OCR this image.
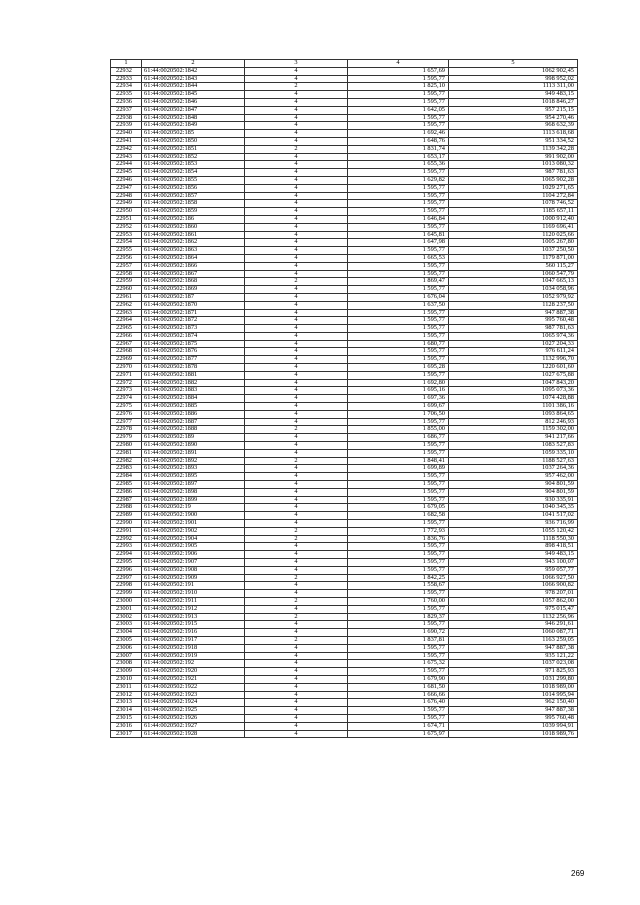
1	2	3	4	5
22932	61:44:0020502:1842	4	1 657,69	1062 902,45
22933	61:44:0020502:1843	4	1 595,77	998 952,02
22934	61:44:0020502:1844	2	1 825,10	1113 311,00
22935	61:44:0020502:1845	4	1 595,77	949 483,15
22936	61:44:0020502:1846	4	1 595,77	1018 846,27
22937	61:44:0020502:1847	4	1 642,05	957 215,15
22938	61:44:0020502:1848	4	1 595,77	954 270,46
22939	61:44:0020502:1849	4	1 595,77	968 632,39
22940	61:44:0020502:185	4	1 692,46	1113 618,68
22941	61:44:0020502:1850	4	1 648,76	951 334,52
22942	61:44:0020502:1851	2	1 831,74	1139 342,28
22943	61:44:0020502:1852	4	1 653,17	991 902,00
22944	61:44:0020502:1853	4	1 655,36	1013 080,32
22945	61:44:0020502:1854	4	1 595,77	987 781,63
22946	61:44:0020502:1855	4	1 629,82	1065 902,28
22947	61:44:0020502:1856	4	1 595,77	1029 271,65
22948	61:44:0020502:1857	4	1 595,77	1104 272,84
22949	61:44:0020502:1858	4	1 595,77	1078 746,52
22950	61:44:0020502:1859	4	1 595,77	1185 657,11
22951	61:44:0020502:186	4	1 646,84	1000 912,40
22952	61:44:0020502:1860	4	1 595,77	1169 696,41
22953	61:44:0020502:1861	4	1 645,81	1120 025,66
22954	61:44:0020502:1862	4	1 647,98	1005 267,80
22955	61:44:0020502:1863	4	1 595,77	1037 250,50
22956	61:44:0020502:1864	4	1 665,53	1179 871,00
22957	61:44:0020502:1866	4	1 595,77	560 115,27
22958	61:44:0020502:1867	4	1 595,77	1060 547,79
22959	61:44:0020502:1868	2	1 869,47	1047 665,13
22960	61:44:0020502:1869	4	1 595,77	1034 058,96
22961	61:44:0020502:187	4	1 676,04	1052 979,92
22962	61:44:0020502:1870	4	1 637,50	1128 237,50
22963	61:44:0020502:1871	4	1 595,77	947 887,38
22964	61:44:0020502:1872	4	1 595,77	995 760,48
22965	61:44:0020502:1873	4	1 595,77	987 781,63
22966	61:44:0020502:1874	4	1 595,77	1065 974,36
22967	61:44:0020502:1875	4	1 680,77	1027 204,33
22968	61:44:0020502:1876	4	1 595,77	976 611,24
22969	61:44:0020502:1877	4	1 595,77	1132 996,70
22970	61:44:0020502:1878	4	1 695,28	1220 601,60
22971	61:44:0020502:1881	4	1 595,77	1027 675,88
22972	61:44:0020502:1882	4	1 692,80	1047 843,20
22973	61:44:0020502:1883	4	1 695,16	1095 073,36
22974	61:44:0020502:1884	4	1 697,36	1074 428,88
22975	61:44:0020502:1885	4	1 699,67	1101 386,16
22976	61:44:0020502:1886	4	1 706,50	1093 864,65
22977	61:44:0020502:1887	4	1 595,77	812 246,93
22978	61:44:0020502:1888	2	1 855,00	1159 302,00
22979	61:44:0020502:189	4	1 686,77	941 217,66
22980	61:44:0020502:1890	4	1 595,77	1083 527,83
22981	61:44:0020502:1891	4	1 595,77	1059 335,10
22982	61:44:0020502:1892	2	1 848,41	1188 527,63
22983	61:44:0020502:1893	4	1 699,89	1037 264,36
22984	61:44:0020502:1895	4	1 595,77	957 462,00
22985	61:44:0020502:1897	4	1 595,77	904 801,59
22986	61:44:0020502:1898	4	1 595,77	904 801,59
22987	61:44:0020502:1899	4	1 595,77	930 335,91
22988	61:44:0020502:19	4	1 679,05	1040 345,35
22989	61:44:0020502:1900	4	1 682,58	1041 517,02
22990	61:44:0020502:1901	4	1 595,77	936 716,99
22991	61:44:0020502:1902	2	1 772,93	1055 120,42
22992	61:44:0020502:1904	2	1 836,76	1118 550,30
22993	61:44:0020502:1905	4	1 595,77	898 418,51
22994	61:44:0020502:1906	4	1 595,77	949 483,15
22995	61:44:0020502:1907	4	1 595,77	943 100,07
22996	61:44:0020502:1908	4	1 595,77	959 057,77
22997	61:44:0020502:1909	2	1 842,25	1066 927,50
22998	61:44:0020502:191	4	1 558,67	1066 900,82
22999	61:44:0020502:1910	4	1 595,77	978 207,01
23000	61:44:0020502:1911	2	1 760,00	1057 862,00
23001	61:44:0020502:1912	4	1 595,77	975 015,47
23002	61:44:0020502:1913	2	1 829,37	1132 256,96
23003	61:44:0020502:1915	4	1 595,77	946 291,61
23004	61:44:0020502:1916	4	1 690,72	1060 087,71
23005	61:44:0020502:1917	2	1 837,81	1163 259,05
23006	61:44:0020502:1918	4	1 595,77	947 887,38
23007	61:44:0020502:1919	4	1 595,77	935 121,22
23008	61:44:0020502:192	4	1 675,32	1037 023,08
23009	61:44:0020502:1920	4	1 595,77	971 825,93
23010	61:44:0020502:1921	4	1 679,90	1031 299,80
23011	61:44:0020502:1922	4	1 681,50	1018 989,00
23012	61:44:0020502:1923	4	1 666,66	1014 995,94
23013	61:44:0020502:1924	4	1 676,40	962 150,40
23014	61:44:0020502:1925	4	1 595,77	947 887,38
23015	61:44:0020502:1926	4	1 595,77	995 760,48
23016	61:44:0020502:1927	4	1 674,71	1039 994,91
23017	61:44:0020502:1928	4	1 675,97	1018 989,76
269
